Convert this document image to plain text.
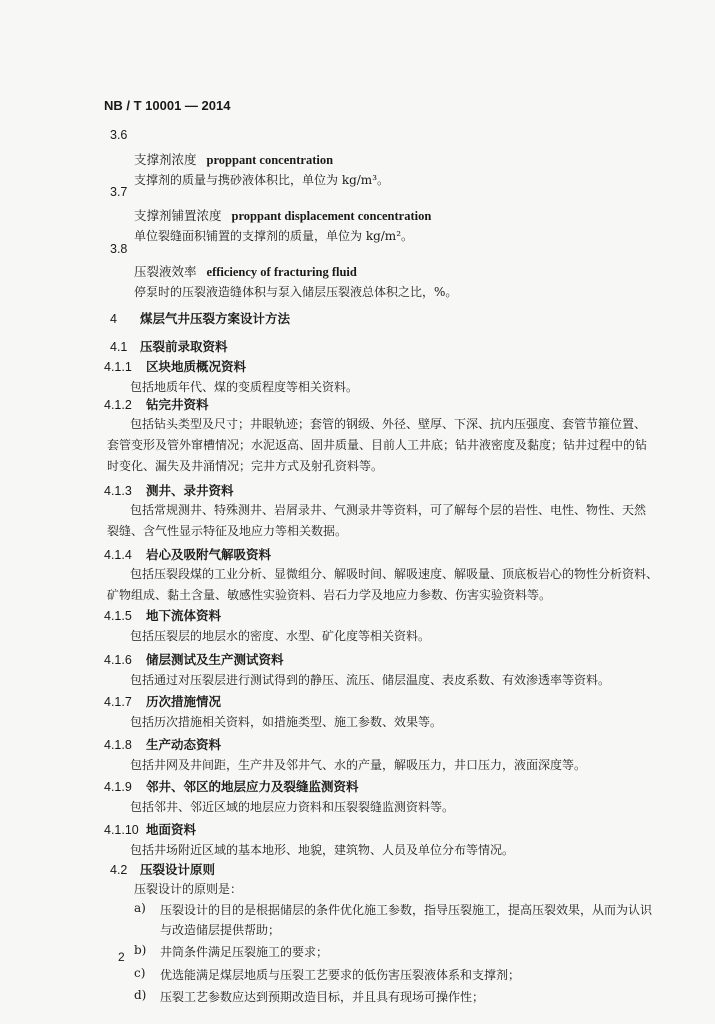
NB / T 10001 — 2014
3.6
支撑剂浓度 proppant concentration
支撑剂的质量与携砂液体积比，单位为 kg/m³。
3.7
支撑剂铺置浓度 proppant displacement concentration
单位裂缝面积铺置的支撑剂的质量，单位为 kg/m²。
3.8
压裂液效率 efficiency of fracturing fluid
停泵时的压裂液造缝体积与泵入储层压裂液总体积之比，%。
4 煤层气井压裂方案设计方法
4.1 压裂前录取资料
4.1.1 区块地质概况资料
包括地质年代、煤的变质程度等相关资料。
4.1.2 钻完井资料
包括钻头类型及尺寸；井眼轨迹；套管的钢级、外径、壁厚、下深、抗内压强度、套管节箍位置、
套管变形及管外窜槽情况；水泥返高、固井质量、目前人工井底；钻井液密度及黏度；钻井过程中的钻
时变化、漏失及井涌情况；完井方式及射孔资料等。
4.1.3 测井、录井资料
包括常规测井、特殊测井、岩屑录井、气测录井等资料，可了解每个层的岩性、电性、物性、天然
裂缝、含气性显示特征及地应力等相关数据。
4.1.4 岩心及吸附气解吸资料
包括压裂段煤的工业分析、显微组分、解吸时间、解吸速度、解吸量、顶底板岩心的物性分析资料、
矿物组成、黏土含量、敏感性实验资料、岩石力学及地应力参数、伤害实验资料等。
4.1.5 地下流体资料
包括压裂层的地层水的密度、水型、矿化度等相关资料。
4.1.6 储层测试及生产测试资料
包括通过对压裂层进行测试得到的静压、流压、储层温度、表皮系数、有效渗透率等资料。
4.1.7 历次措施情况
包括历次措施相关资料，如措施类型、施工参数、效果等。
4.1.8 生产动态资料
包括井网及井间距，生产井及邻井气、水的产量，解吸压力，井口压力，液面深度等。
4.1.9 邻井、邻区的地层应力及裂缝监测资料
包括邻井、邻近区域的地层应力资料和压裂裂缝监测资料等。
4.1.10 地面资料
包括井场附近区域的基本地形、地貌，建筑物、人员及单位分布等情况。
4.2 压裂设计原则
压裂设计的原则是：
a) 压裂设计的目的是根据储层的条件优化施工参数，指导压裂施工，提高压裂效果，从而为认识
与改造储层提供帮助；
b) 井筒条件满足压裂施工的要求；
c) 优选能满足煤层地质与压裂工艺要求的低伤害压裂液体系和支撑剂；
d) 压裂工艺参数应达到预期改造目标，并且具有现场可操作性；
2
